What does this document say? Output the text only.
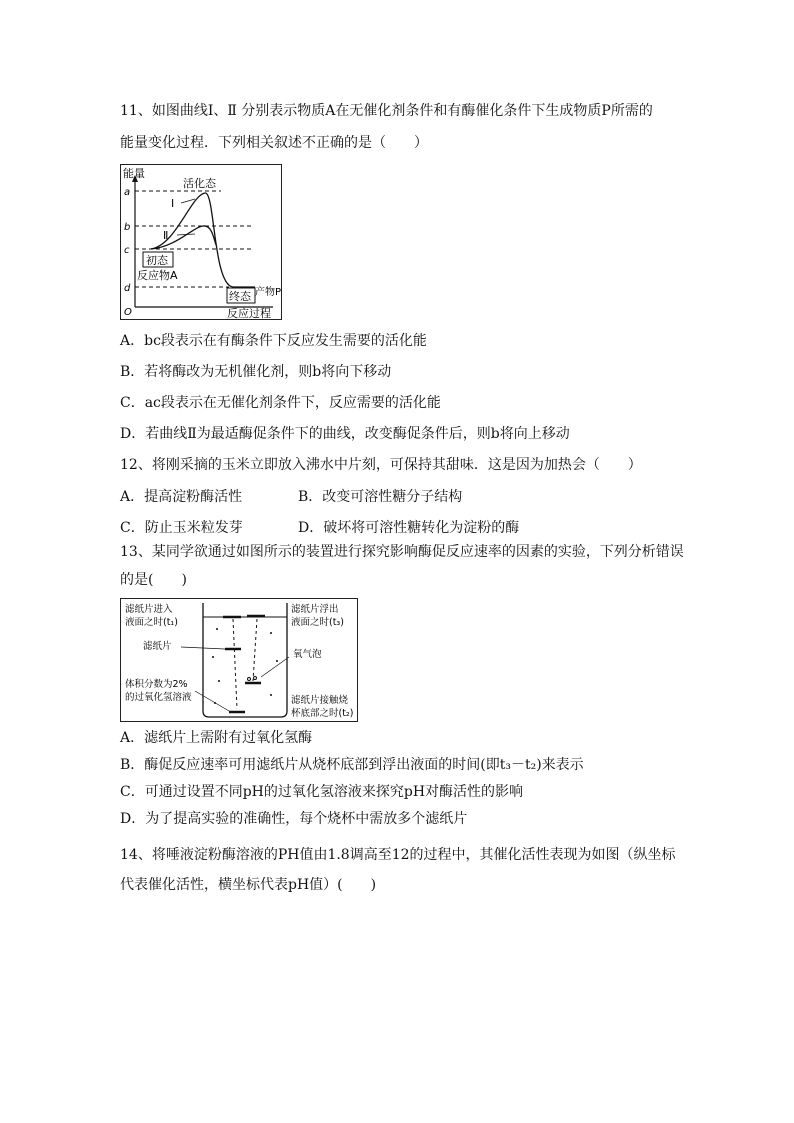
11、如图曲线Ⅰ、Ⅱ 分别表示物质A在无催化剂条件和有酶催化条件下生成物质P所需的
能量变化过程．下列相关叙述不正确的是（　　）
能量
a
b
c
d
O
活化态
Ⅰ
Ⅱ
初态
反应物A
终态 产物P
反应过程
A．bc段表示在有酶条件下反应发生需要的活化能
B．若将酶改为无机催化剂，则b将向下移动
C．ac段表示在无催化剂条件下，反应需要的活化能
D．若曲线Ⅱ为最适酶促条件下的曲线，改变酶促条件后，则b将向上移动
12、将刚采摘的玉米立即放入沸水中片刻，可保持其甜味．这是因为加热会（　　）
A．提高淀粉酶活性	B．改变可溶性糖分子结构
C．防止玉米粒发芽	D．破坏将可溶性糖转化为淀粉的酶
13、某同学欲通过如图所示的装置进行探究影响酶促反应速率的因素的实验，下列分析错误
的是(　　)
滤纸片进入
液面之时(t₁)
滤纸片浮出
液面之时(t₃)
滤纸片
氧气泡
体积分数为2%
的过氧化氢溶液	滤纸片接触烧
杯底部之时(t₂)
A．滤纸片上需附有过氧化氢酶
B．酶促反应速率可用滤纸片从烧杯底部到浮出液面的时间(即t₃－t₂)来表示
C．可通过设置不同pH的过氧化氢溶液来探究pH对酶活性的影响
D．为了提高实验的准确性，每个烧杯中需放多个滤纸片
14、将唾液淀粉酶溶液的PH值由1.8调高至12的过程中，其催化活性表现为如图（纵坐标
代表催化活性，横坐标代表pH值）(　　)
